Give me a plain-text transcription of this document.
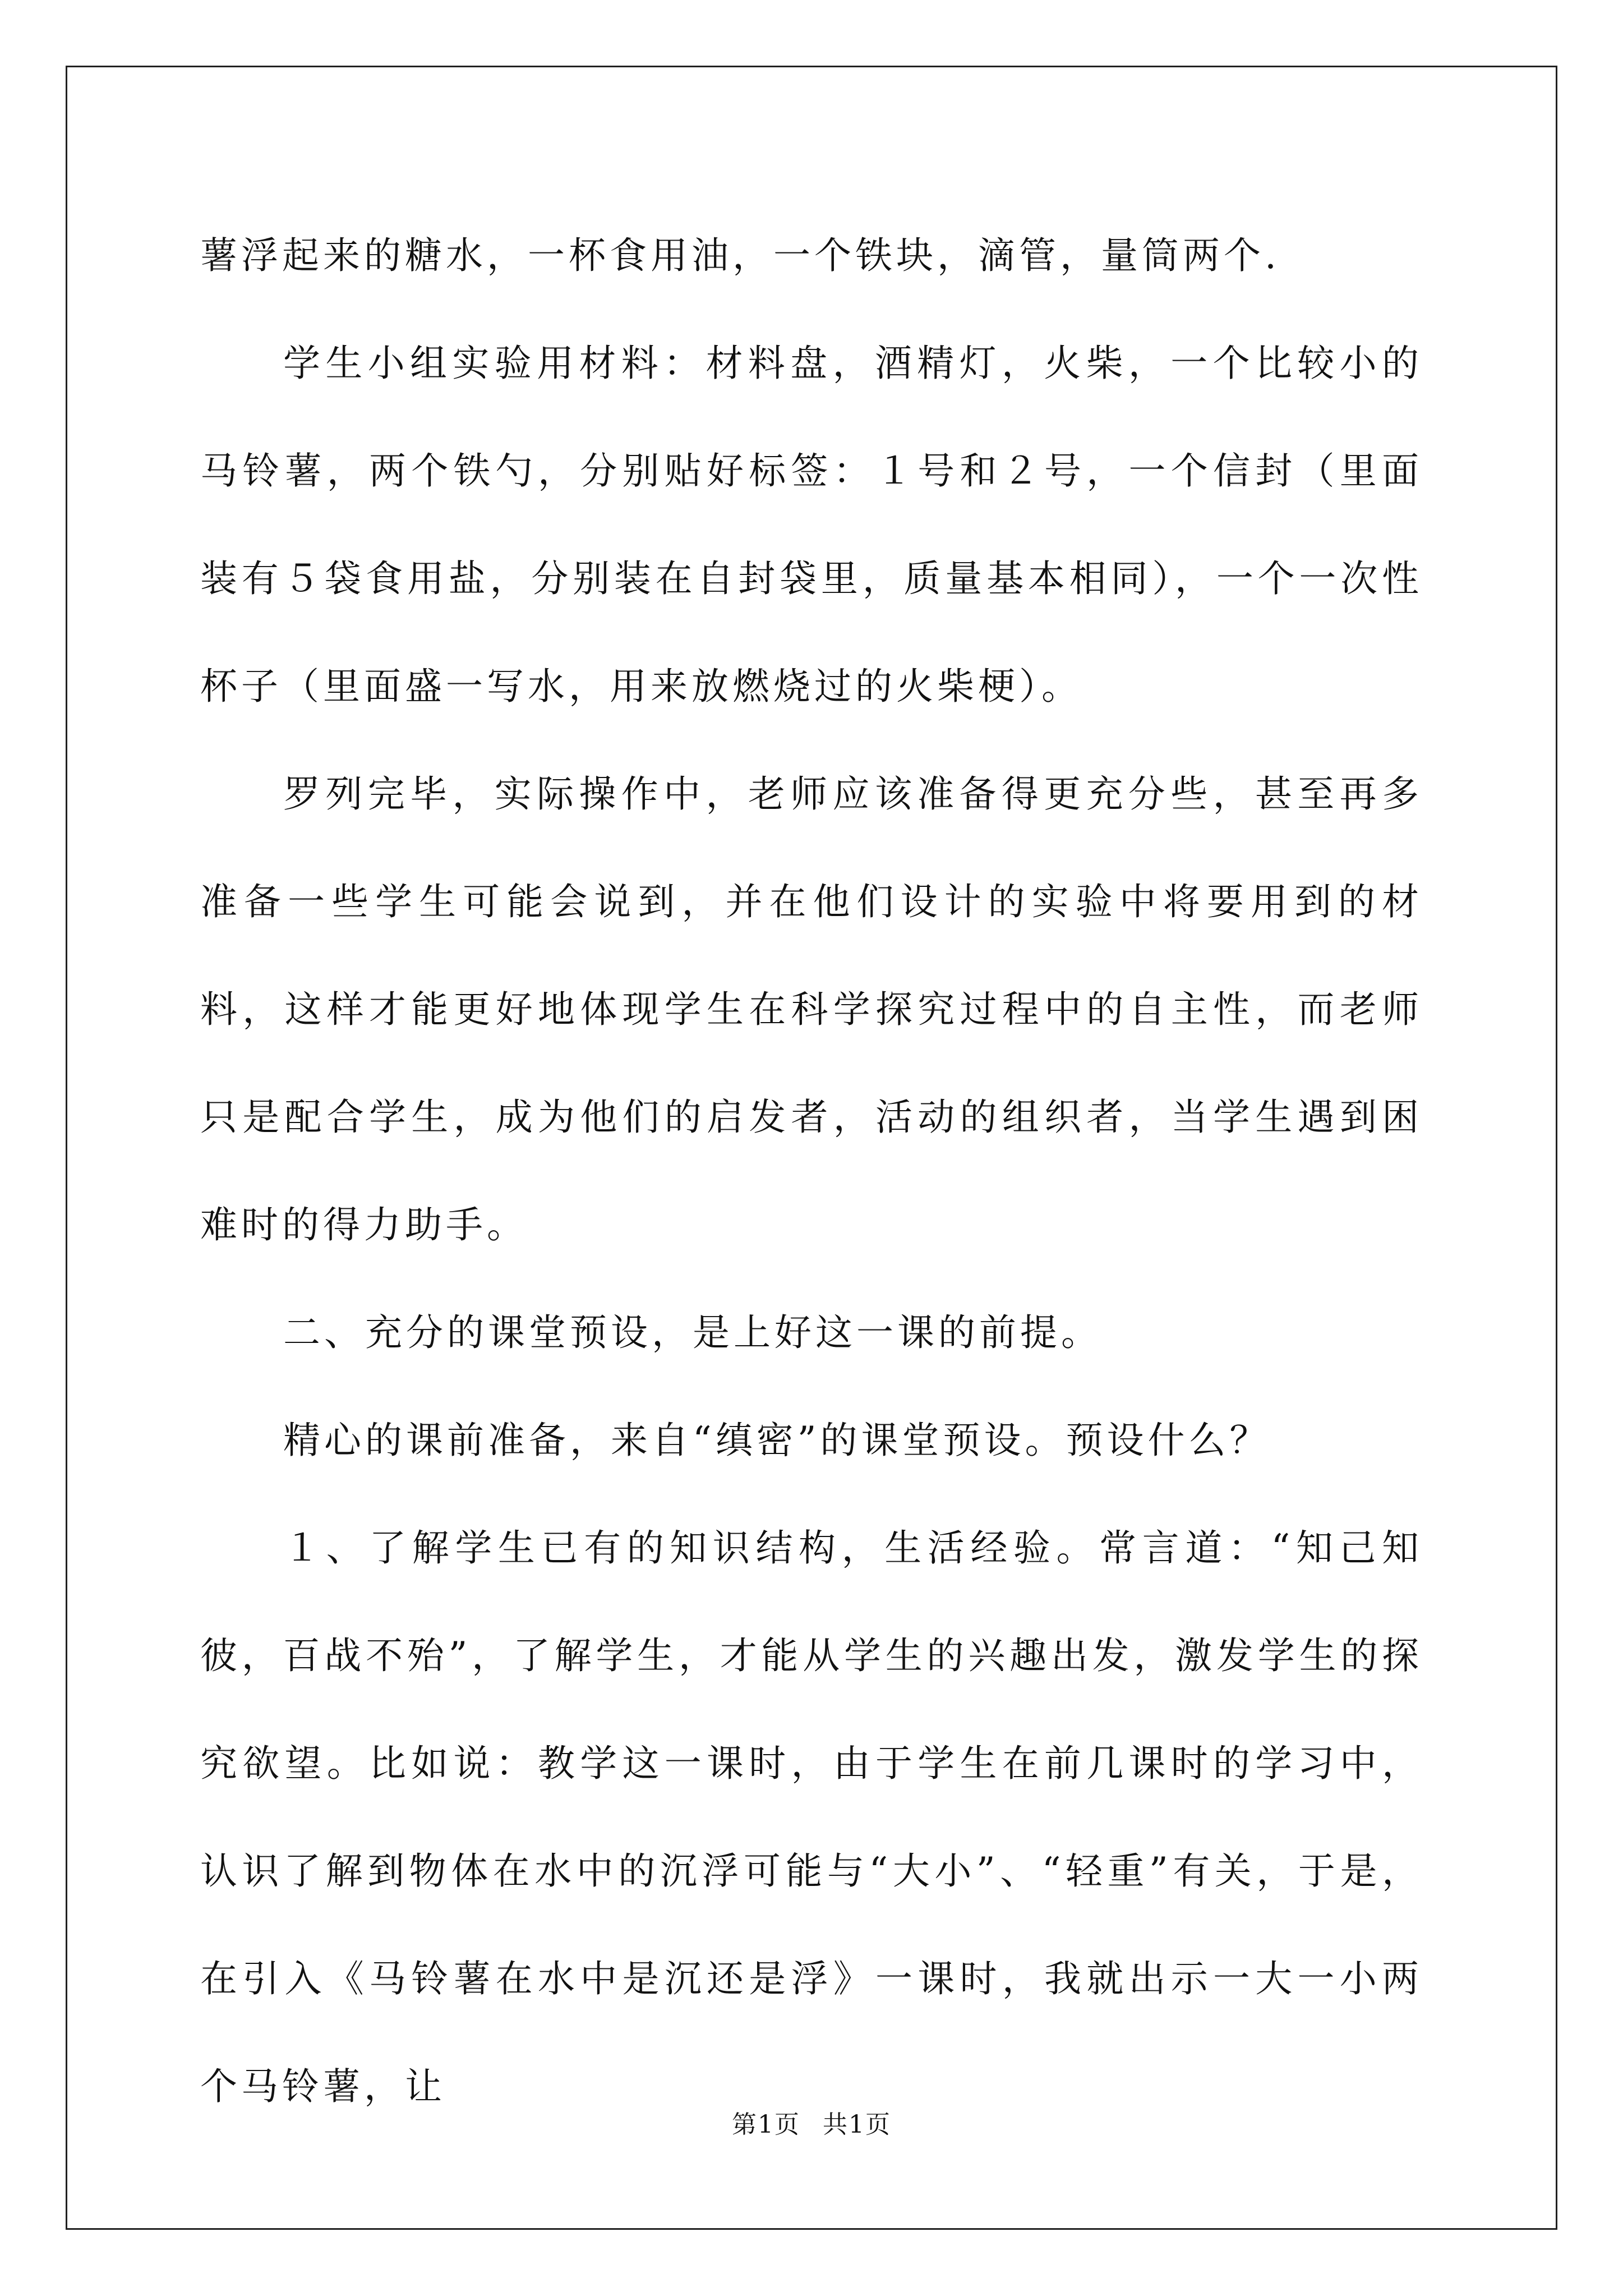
薯浮起来的糖水，一杯食用油，一个铁块，滴管，量筒两个.

学生小组实验用材料：材料盘，酒精灯，火柴，一个比较小的马铃薯，两个铁勺，分别贴好标签：１号和２号，一个信封（里面装有５袋食用盐，分别装在自封袋里，质量基本相同），一个一次性杯子（里面盛一写水，用来放燃烧过的火柴梗）。

罗列完毕，实际操作中，老师应该准备得更充分些，甚至再多准备一些学生可能会说到，并在他们设计的实验中将要用到的材料，这样才能更好地体现学生在科学探究过程中的自主性，而老师只是配合学生，成为他们的启发者，活动的组织者，当学生遇到困难时的得力助手。

二、充分的课堂预设，是上好这一课的前提。

精心的课前准备，来自“缜密”的课堂预设。预设什么？

１、了解学生已有的知识结构，生活经验。常言道：“知己知彼，百战不殆”，了解学生，才能从学生的兴趣出发，激发学生的探究欲望。比如说：教学这一课时，由于学生在前几课时的学习中，认识了解到物体在水中的沉浮可能与“大小”、“轻重”有关，于是，在引入《马铃薯在水中是沉还是浮》一课时，我就出示一大一小两个马铃薯，让

第1页 共1页
